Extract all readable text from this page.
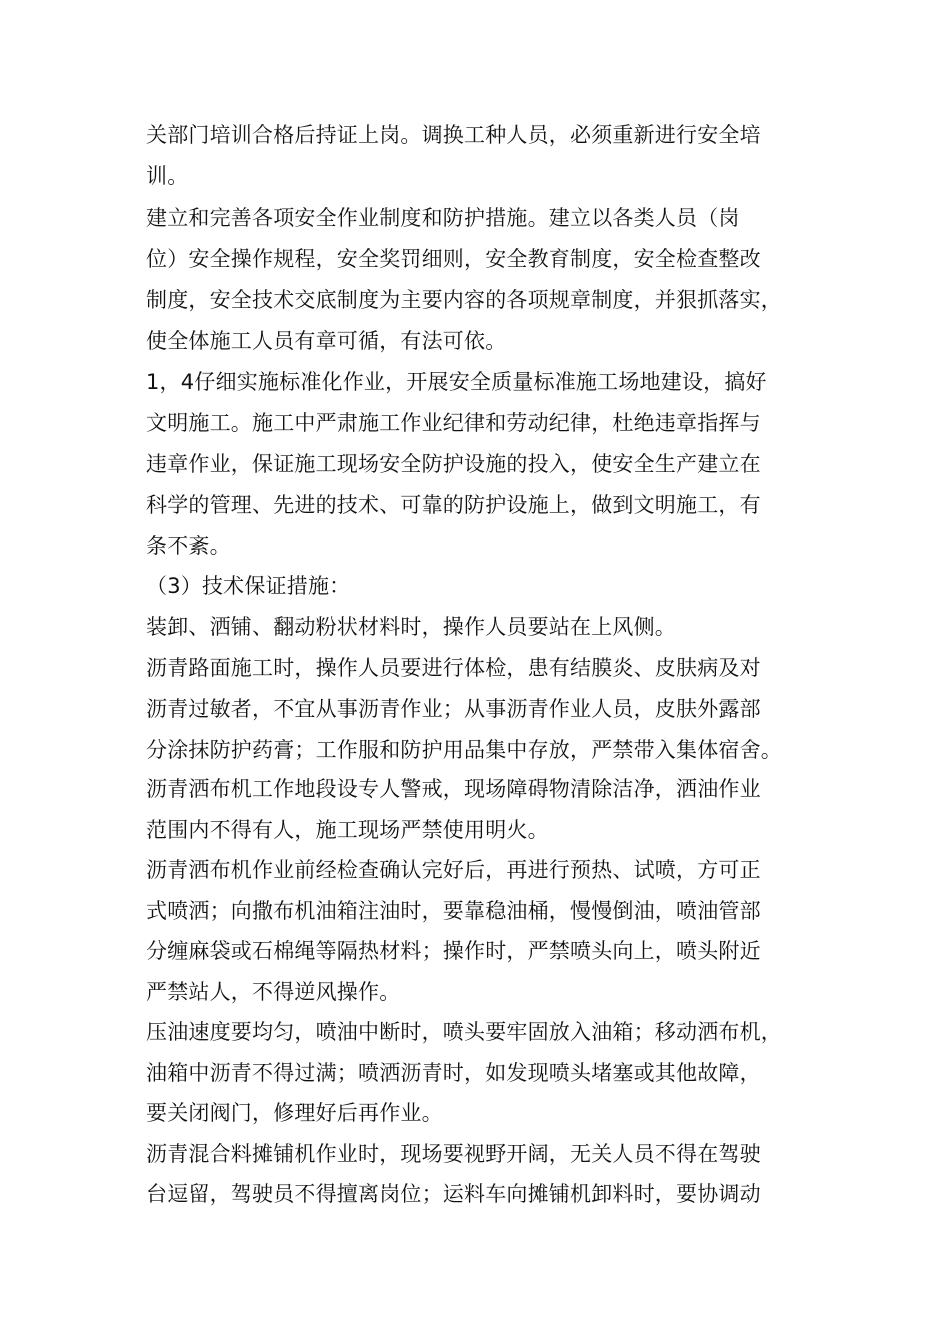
关部门培训合格后持证上岗。调换工种人员，必须重新进行安全培
训。
建立和完善各项安全作业制度和防护措施。建立以各类人员（岗
位）安全操作规程，安全奖罚细则，安全教育制度，安全检查整改
制度，安全技术交底制度为主要内容的各项规章制度，并狠抓落实，
使全体施工人员有章可循，有法可依。
1，4仔细实施标准化作业，开展安全质量标准施工场地建设，搞好
文明施工。施工中严肃施工作业纪律和劳动纪律，杜绝违章指挥与
违章作业，保证施工现场安全防护设施的投入，使安全生产建立在
科学的管理、先进的技术、可靠的防护设施上，做到文明施工，有
条不紊。
（3）技术保证措施：
装卸、洒铺、翻动粉状材料时，操作人员要站在上风侧。
沥青路面施工时，操作人员要进行体检，患有结膜炎、皮肤病及对
沥青过敏者，不宜从事沥青作业；从事沥青作业人员，皮肤外露部
分涂抹防护药膏；工作服和防护用品集中存放，严禁带入集体宿舍。
沥青洒布机工作地段设专人警戒，现场障碍物清除洁净，洒油作业
范围内不得有人，施工现场严禁使用明火。
沥青洒布机作业前经检查确认完好后，再进行预热、试喷，方可正
式喷洒；向撒布机油箱注油时，要靠稳油桶，慢慢倒油，喷油管部
分缠麻袋或石棉绳等隔热材料；操作时，严禁喷头向上，喷头附近
严禁站人，不得逆风操作。
压油速度要均匀，喷油中断时，喷头要牢固放入油箱；移动洒布机，
油箱中沥青不得过满；喷洒沥青时，如发现喷头堵塞或其他故障，
要关闭阀门，修理好后再作业。
沥青混合料摊铺机作业时，现场要视野开阔，无关人员不得在驾驶
台逗留，驾驶员不得擅离岗位；运料车向摊铺机卸料时，要协调动
